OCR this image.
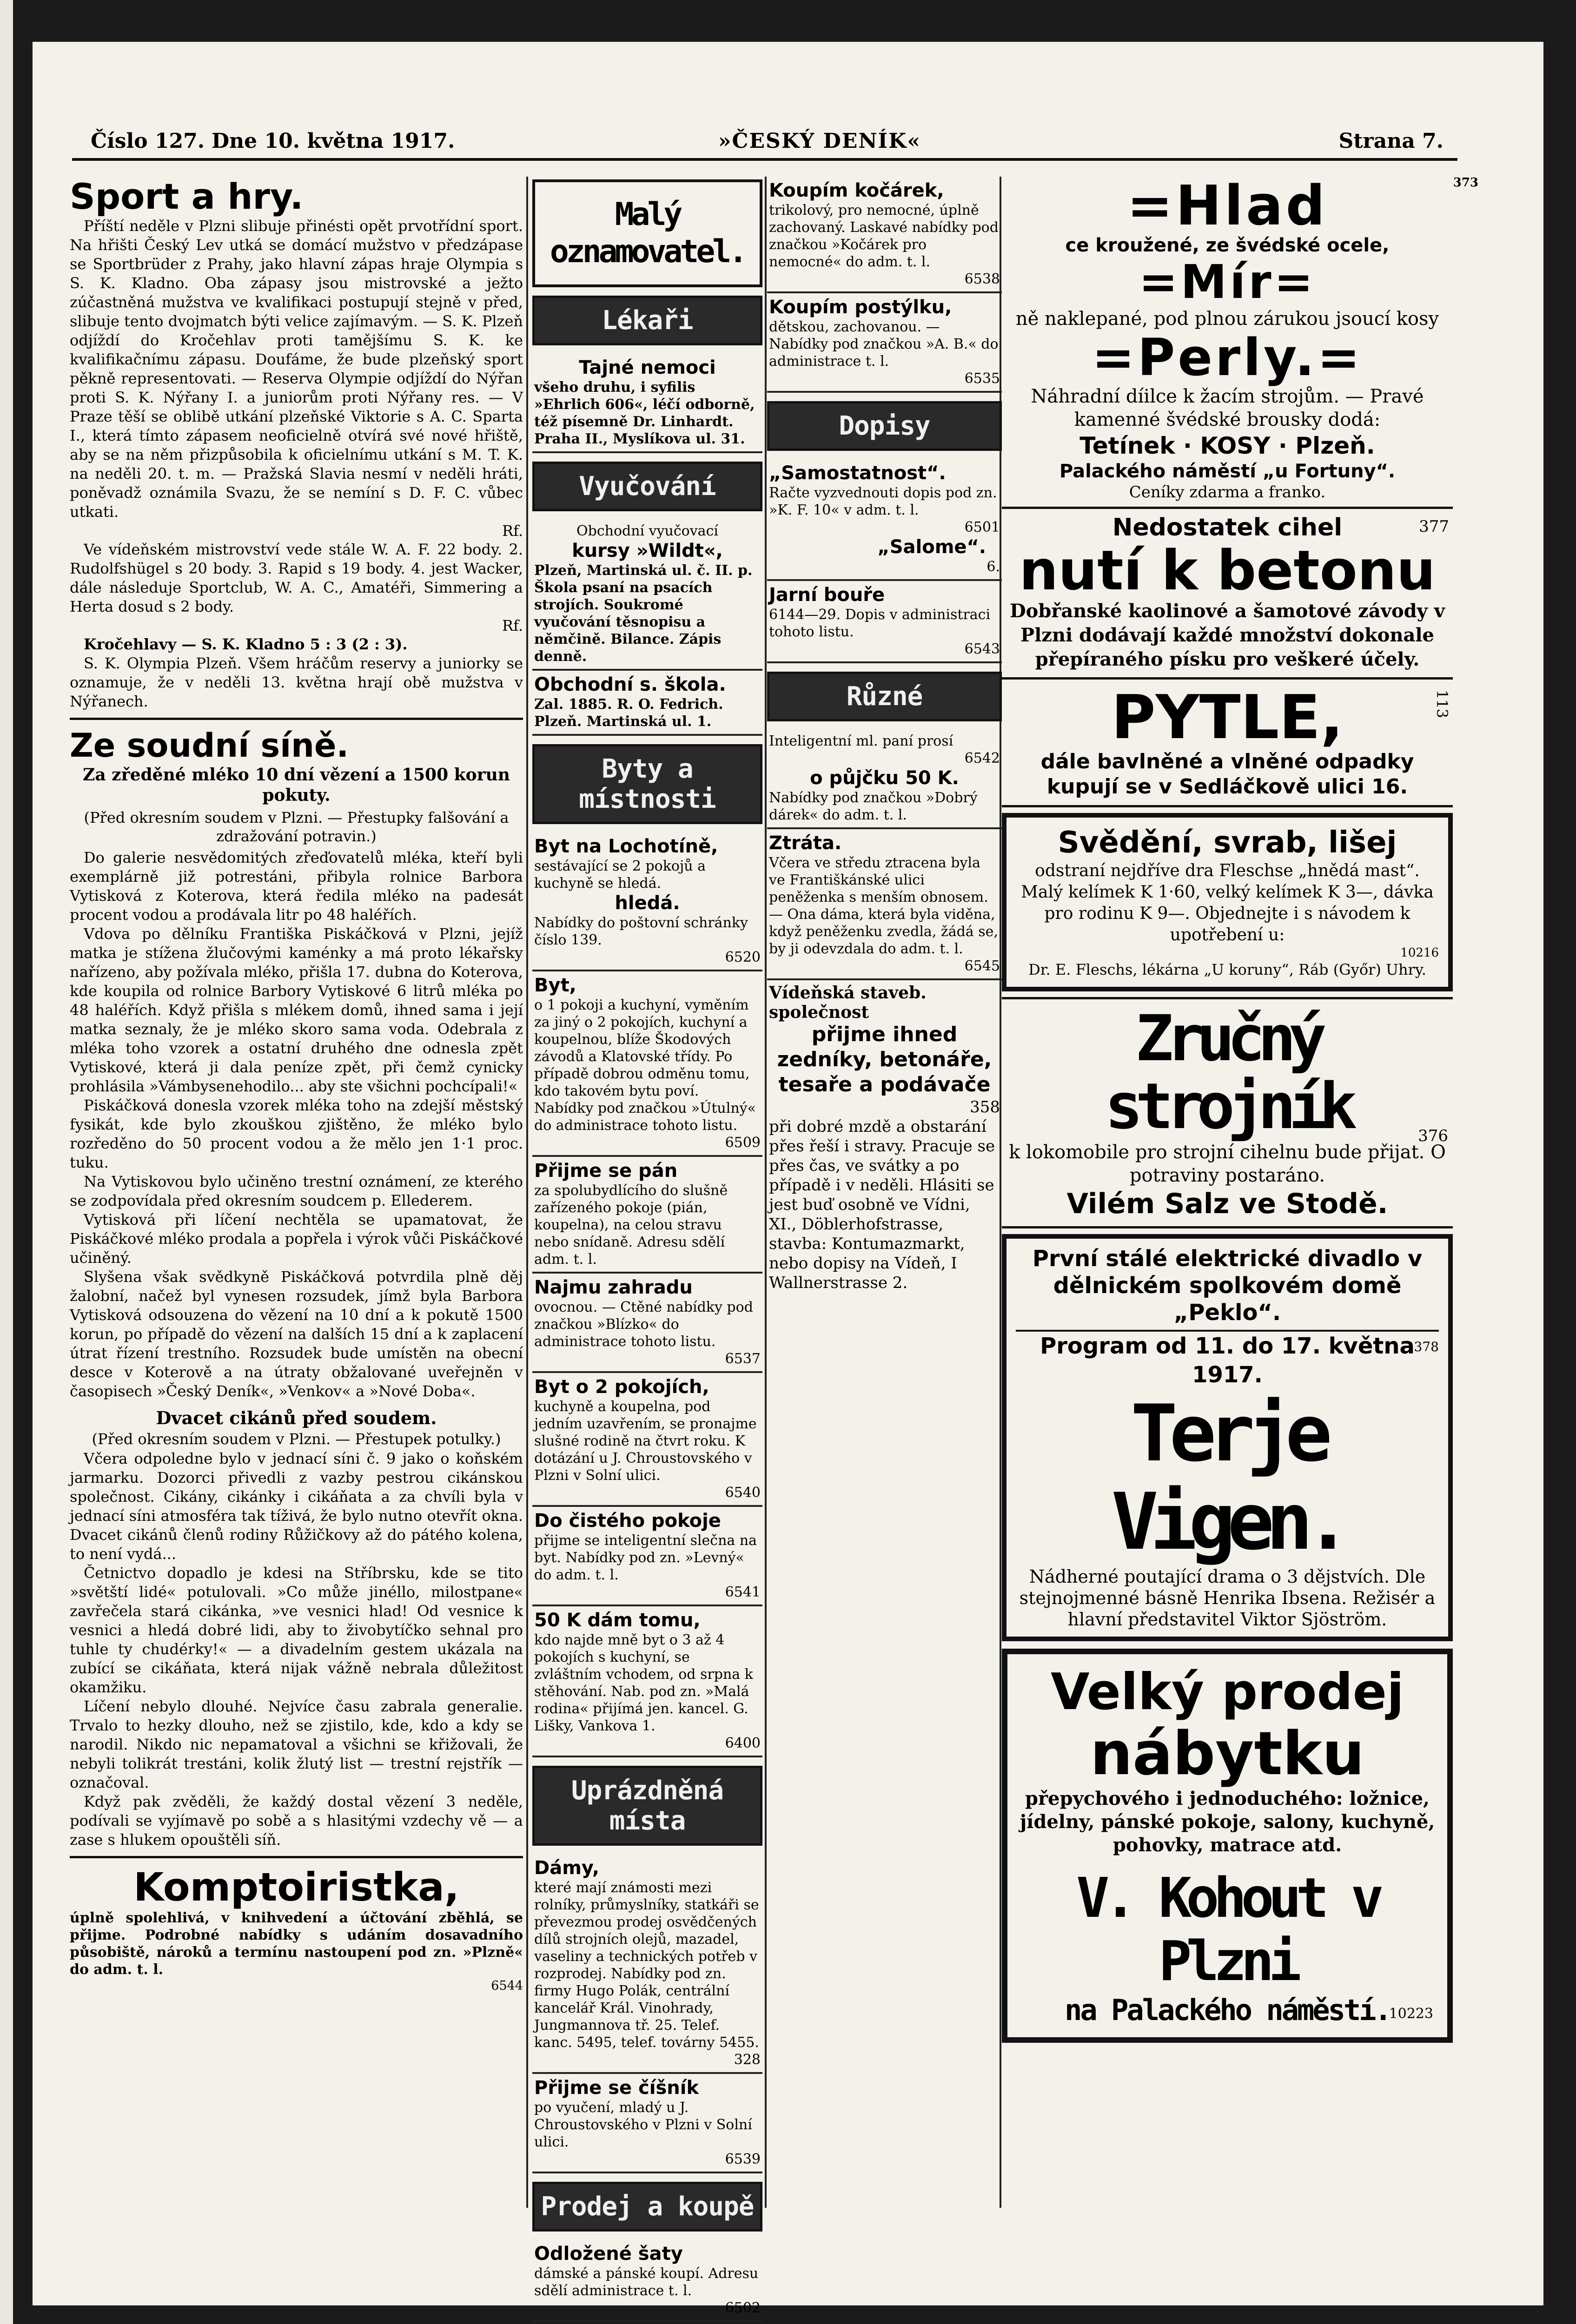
Číslo 127. Dne 10. května 1917.	»ČESKÝ DENÍK«	Strana 7.
373
Sport a hry.

Příští neděle v Plzni slibuje přinésti opět prvotřídní sport. Na hřišti Český Lev utká se domácí mužstvo v předzápase se Sportbrüder z Prahy, jako hlavní zápas hraje Olympia s S. K. Kladno. Oba zápasy jsou mistrovské a ježto zúčastněná mužstva ve kvalifikaci postupují stejně v před, slibuje tento dvojmatch býti velice zajímavým. — S. K. Plzeň odjíždí do Kročehlav proti tamějšímu S. K. ke kvalifikačnímu zápasu. Doufáme, že bude plzeňský sport pěkně representovati. — Reserva Olympie odjíždí do Nýřan proti S. K. Nýřany I. a juniorům proti Nýřany res. — V Praze těší se oblibě utkání plzeňské Viktorie s A. C. Sparta I., která tímto zápasem neoficielně otvírá své nové hřiště, aby se na něm přizpůsobila k oficielnímu utkání s M. T. K. na neděli 20. t. m. — Pražská Slavia nesmí v neděli hráti, poněvadž oznámila Svazu, že se nemíní s D. F. C. vůbec utkati.

Rf.

Ve vídeňském mistrovství vede stále W. A. F. 22 body. 2. Rudolfshügel s 20 body. 3. Rapid s 19 body. 4. jest Wacker, dále následuje Sportclub, W. A. C., Amatéři, Simmering a Herta dosud s 2 body.

Rf.

Kročehlavy — S. K. Kladno 5 : 3 (2 : 3).

S. K. Olympia Plzeň. Všem hráčům reservy a juniorky se oznamuje, že v neděli 13. května hrají obě mužstva v Nýřanech.

Ze soudní síně.
Za zředěné mléko 10 dní vězení a 1500 korun pokuty.
(Před okresním soudem v Plzni. — Přestupky falšování a zdražování potravin.)

Do galerie nesvědomitých zřeďovatelů mléka, kteří byli exemplárně již potrestáni, přibyla rolnice Barbora Vytisková z Koterova, která ředila mléko na padesát procent vodou a prodávala litr po 48 haléřích.

Vdova po dělníku Františka Piskáčková v Plzni, jejíž matka je stížena žlučovými kaménky a má proto lékařsky nařízeno, aby požívala mléko, přišla 17. dubna do Koterova, kde koupila od rolnice Barbory Vytiskové 6 litrů mléka po 48 haléřích. Když přišla s mlékem domů, ihned sama i její matka seznaly, že je mléko skoro sama voda. Odebrala z mléka toho vzorek a ostatní druhého dne odnesla zpět Vytiskové, která ji dala peníze zpět, při čemž cynicky prohlásila »Vámbysenehodilo... aby ste všichni pochcípali!«

Piskáčková donesla vzorek mléka toho na zdejší městský fysikát, kde bylo zkouškou zjištěno, že mléko bylo rozředěno do 50 procent vodou a že mělo jen 1·1 proc. tuku.

Na Vytiskovou bylo učiněno trestní oznámení, ze kterého se zodpovídala před okresním soudcem p. Ellederem.

Vytisková při líčení nechtěla se upamatovat, že Piskáčkové mléko prodala a popřela i výrok vůči Piskáčkové učiněný.

Slyšena však svědkyně Piskáčková potvrdila plně děj žalobní, načež byl vynesen rozsudek, jímž byla Barbora Vytisková odsouzena do vězení na 10 dní a k pokutě 1500 korun, po případě do vězení na dalších 15 dní a k zaplacení útrat řízení trestního. Rozsudek bude umístěn na obecní desce v Koterově a na útraty obžalované uveřejněn v časopisech »Český Deník«, »Venkov« a »Nové Doba«.

Dvacet cikánů před soudem.
(Před okresním soudem v Plzni. — Přestupek potulky.)

Včera odpoledne bylo v jednací síni č. 9 jako o koňském jarmarku. Dozorci přivedli z vazby pestrou cikánskou společnost. Cikány, cikánky i cikáňata a za chvíli byla v jednací síni atmosféra tak tíživá, že bylo nutno otevřít okna. Dvacet cikánů členů rodiny Růžičkovy až do pátého kolena, to není vydá...

Četnictvo dopadlo je kdesi na Stříbrsku, kde se tito »světští lidé« potulovali. »Co může jinéllo, milostpane« zavřečela stará cikánka, »ve vesnici hlad! Od vesnice k vesnici a hledá dobré lidi, aby to živobytíčko sehnal pro tuhle ty chudérky!« — a divadelním gestem ukázala na zubící se cikáňata, která nijak vážně nebrala důležitost okamžiku.

Líčení nebylo dlouhé. Nejvíce času zabrala generalie. Trvalo to hezky dlouho, než se zjistilo, kde, kdo a kdy se narodil. Nikdo nic nepamatoval a všichni se křižovali, že nebyli tolikrát trestáni, kolik žlutý list — trestní rejstřík — označoval.

Když pak zvěděli, že každý dostal vězení 3 neděle, podívali se vyjímavě po sobě a s hlasitými vzdechy vě — a zase s hlukem opouštěli síň.

Komptoiristka,

úplně spolehlivá, v knihvedení a účtování zběhlá, se přijme. Podrobné nabídky s udáním dosavadního působiště, nároků a termínu nastoupení pod zn. »Plzně« do adm. t. l.

6544
Malý oznamovatel.
Lékaři
Tajné nemoci
všeho druhu, i syfilis »Ehrlich 606«, léčí odborně, též písemně Dr. Linhardt. Praha II., Myslíkova ul. 31.
Vyučování
Obchodní vyučovací
kursy »Wildt«,
Plzeň, Martinská ul. č. II. p. Škola psaní na psacích strojích. Soukromé vyučování těsnopisu a němčině. Bilance. Zápis denně.
Obchodní s. škola.
Zal. 1885. R. O. Fedrich. Plzeň. Martinská ul. 1.
Byty a místnosti
Byt na Lochotíně,
sestávající se 2 pokojů a kuchyně se hledá.
hledá.
Nabídky do poštovní schránky číslo 139.
6520
Byt,
o 1 pokoji a kuchyní, vyměním za jiný o 2 pokojích, kuchyní a koupelnou, blíže Škodových závodů a Klatovské třídy. Po případě dobrou odměnu tomu, kdo takovém bytu poví. Nabídky pod značkou »Útulný« do administrace tohoto listu.
6509
Přijme se pán
za spolubydlícího do slušně zařízeného pokoje (pián, koupelna), na celou stravu nebo snídaně. Adresu sdělí adm. t. l.
Najmu zahradu
ovocnou. — Ctěné nabídky pod značkou »Blízko« do administrace tohoto listu.
6537
Byt o 2 pokojích,
kuchyně a koupelna, pod jedním uzavřením, se pronajme slušné rodině na čtvrt roku. K dotázání u J. Chroustovského v Plzni v Solní ulici.
6540
Do čistého pokoje
přijme se inteligentní slečna na byt. Nabídky pod zn. »Levný« do adm. t. l.
6541
50 K dám tomu,
kdo najde mně byt o 3 až 4 pokojích s kuchyní, se zvláštním vchodem, od srpna k stěhování. Nab. pod zn. »Malá rodina« přijímá jen. kancel. G. Lišky, Vankova 1.
6400
Uprázdněná místa
Dámy,
které mají známosti mezi rolníky, průmyslníky, statkáři se převezmou prodej osvědčených dílů strojních olejů, mazadel, vaseliny a technických potřeb v rozprodej. Nabídky pod zn. firmy Hugo Polák, centrální kancelář Král. Vinohrady, Jungmannova tř. 25. Telef. kanc. 5495, telef. továrny 5455.
328
Přijme se číšník
po vyučení, mladý u J. Chroustovského v Plzni v Solní ulici.
6539
Prodej a koupě
Odložené šaty
dámské a pánské koupí. Adresu sdělí administrace t. l.
6502
Koupím kočárek,
trikolový, pro nemocné, úplně zachovaný. Laskavé nabídky pod značkou »Kočárek pro nemocné« do adm. t. l.
6538
Koupím postýlku,
dětskou, zachovanou. — Nabídky pod značkou »A. B.« do administrace t. l.
6535
Dopisy
„Samostatnost“.
Račte vyzvednouti dopis pod zn. »K. F. 10« v adm. t. l.
6501
„Salome“.
6.
Jarní bouře
6144—29. Dopis v administraci tohoto listu.
6543
Různé
Inteligentní ml. paní prosí
6542
o půjčku 50 K.
Nabídky pod značkou »Dobrý dárek« do adm. t. l.
Ztráta.
Včera ve středu ztracena byla ve Františkánské ulici peněženka s menším obnosem. — Ona dáma, která byla viděna, když peněženku zvedla, žádá se, by ji odevzdala do adm. t. l.
6545
Vídeňská staveb. společnost
přijme ihned zedníky, betonáře, tesaře a podávače
358
při dobré mzdě a obstarání přes řeší i stravy. Pracuje se přes čas, ve svátky a po případě i v neděli. Hlásiti se jest buď osobně ve Vídni, XI., Döblerhofstrasse, stavba: Kontumazmarkt, nebo dopisy na Vídeň, I Wallnerstrasse 2.
=Hlad
ce kroužené, ze švédské ocele,
=Mír=
ně naklepané, pod plnou zárukou jsoucí kosy
=Perly.=
Náhradní díilce k žacím strojům. — Pravé kamenné švédské brousky dodá:
Tetínek · KOSY · Plzeň.
Palackého náměstí „u Fortuny“.
Ceníky zdarma a franko.
Nedostatek cihel	377
nutí k betonu
Dobřanské kaolinové a šamotové závody v Plzni dodávají každé množství dokonale přepíraného písku pro veškeré účely.
PYTLE,	113
dále bavlněné a vlněné odpadky kupují se v Sedláčkově ulici 16.
Svědění, svrab, lišej
odstraní nejdříve dra Fleschse „hnědá mast“. Malý kelímek K 1·60, velký kelímek K 3—, dávka pro rodinu K 9—. Objednejte i s návodem k upotřebení u:
10216
Dr. E. Fleschs, lékárna „U koruny“, Ráb (Győr) Uhry.
Zručný strojník
k lokomobile pro strojní cihelnu bude přijat. O potraviny postaráno.
376
Vilém Salz ve Stodě.
První stálé elektrické divadlo v dělnickém spolkovém domě „Peklo“.
Program od 11. do 17. května 1917.
378
Terje Vigen.
Nádherné poutající drama o 3 dějstvích. Dle stejnojmenné básně Henrika Ibsena. Režisér a hlavní představitel Viktor Sjöström.
Velký prodej
nábytku
přepychového i jednoduchého: ložnice, jídelny, pánské pokoje, salony, kuchyně, pohovky, matrace atd.
V. Kohout v Plzni
na Palackého náměstí.
10223
